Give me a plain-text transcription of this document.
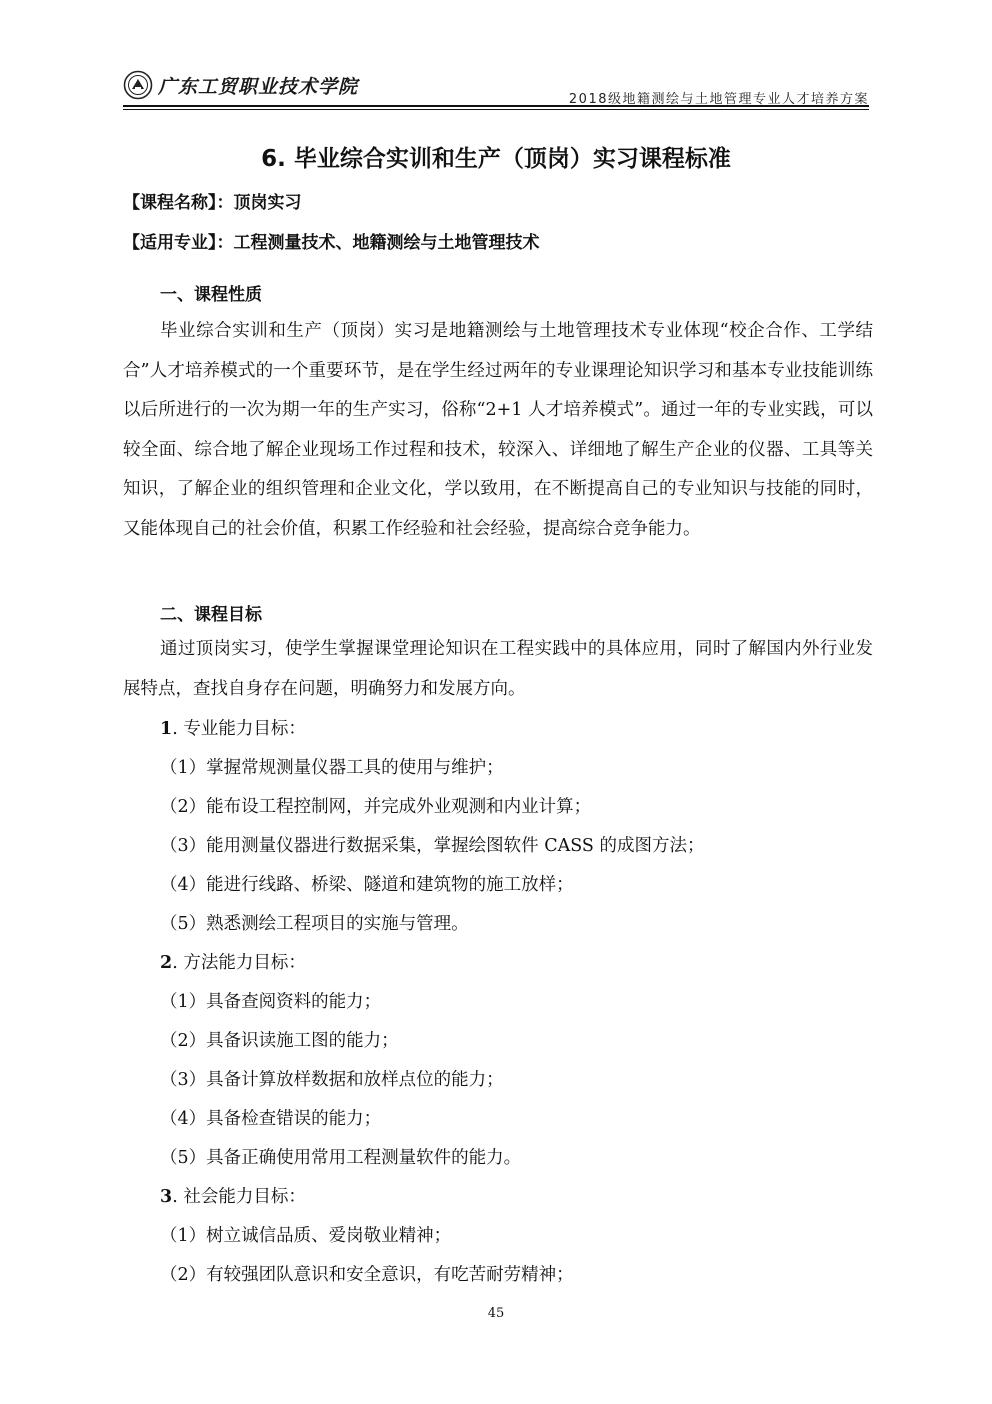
广东工贸职业技术学院
2018级地籍测绘与土地管理专业人才培养方案
6. 毕业综合实训和生产（顶岗）实习课程标准
【课程名称】：顶岗实习
【适用专业】：工程测量技术、地籍测绘与土地管理技术
一、课程性质

毕业综合实训和生产（顶岗）实习是地籍测绘与土地管理技术专业体现“校企合作、工学结合”人才培养模式的一个重要环节，是在学生经过两年的专业课理论知识学习和基本专业技能训练以后所进行的一次为期一年的生产实习，俗称“2+1 人才培养模式”。通过一年的专业实践，可以较全面、综合地了解企业现场工作过程和技术，较深入、详细地了解生产企业的仪器、工具等关知识，了解企业的组织管理和企业文化，学以致用，在不断提高自己的专业知识与技能的同时，又能体现自己的社会价值，积累工作经验和社会经验，提高综合竞争能力。

二、课程目标

通过顶岗实习，使学生掌握课堂理论知识在工程实践中的具体应用，同时了解国内外行业发展特点，查找自身存在问题，明确努力和发展方向。

1. 专业能力目标：
（1）掌握常规测量仪器工具的使用与维护；
（2）能布设工程控制网，并完成外业观测和内业计算；
（3）能用测量仪器进行数据采集，掌握绘图软件 CASS 的成图方法；
（4）能进行线路、桥梁、隧道和建筑物的施工放样；
（5）熟悉测绘工程项目的实施与管理。
2. 方法能力目标：
（1）具备查阅资料的能力；
（2）具备识读施工图的能力；
（3）具备计算放样数据和放样点位的能力；
（4）具备检查错误的能力；
（5）具备正确使用常用工程测量软件的能力。
3. 社会能力目标：
（1）树立诚信品质、爱岗敬业精神；
（2）有较强团队意识和安全意识，有吃苦耐劳精神；
45
